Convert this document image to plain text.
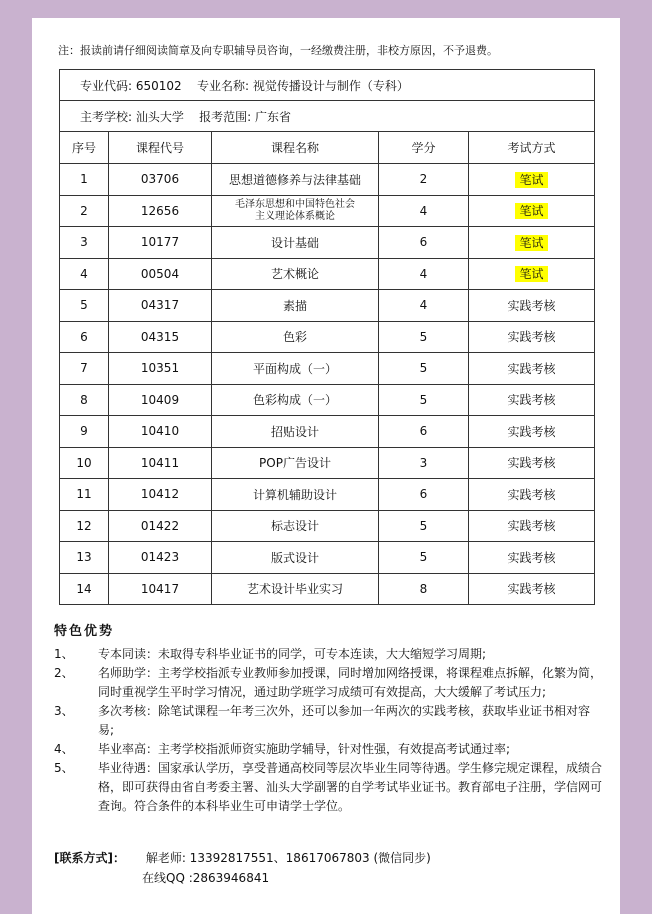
注：报读前请仔细阅读简章及向专职辅导员咨询，一经缴费注册，非校方原因，不予退费。
专业代码: 650102 专业名称: 视觉传播设计与制作（专科）				
主考学校: 汕头大学 报考范围: 广东省				
序号	课程代号	课程名称	学分	考试方式
1	03706	思想道德修养与法律基础	2	笔试
2	12656	毛泽东思想和中国特色社会主义理论体系概论	4	笔试
3	10177	设计基础	6	笔试
4	00504	艺术概论	4	笔试
5	04317	素描	4	实践考核
6	04315	色彩	5	实践考核
7	10351	平面构成（一）	5	实践考核
8	10409	色彩构成（一）	5	实践考核
9	10410	招贴设计	6	实践考核
10	10411	POP广告设计	3	实践考核
11	10412	计算机辅助设计	6	实践考核
12	01422	标志设计	5	实践考核
13	01423	版式设计	5	实践考核
14	10417	艺术设计毕业实习	8	实践考核
特色优势
1、 专本同读：未取得专科毕业证书的同学，可专本连读，大大缩短学习周期;
2、 名师助学：主考学校指派专业教师参加授课，同时增加网络授课，将课程难点拆解，化繁为简，同时重视学生平时学习情况，通过助学班学习成绩可有效提高，大大缓解了考试压力;
3、 多次考核：除笔试课程一年考三次外，还可以参加一年两次的实践考核，获取毕业证书相对容易;
4、 毕业率高：主考学校指派师资实施助学辅导，针对性强，有效提高考试通过率;
5、 毕业待遇：国家承认学历，享受普通高校同等层次毕业生同等待遇。学生修完规定课程，成绩合格，即可获得由省自考委主署、汕头大学副署的自学考试毕业证书。教育部电子注册，学信网可查询。符合条件的本科毕业生可申请学士学位。
[联系方式]： 解老师: 13392817551、18617067803 (微信同步)
在线QQ :2863946841
